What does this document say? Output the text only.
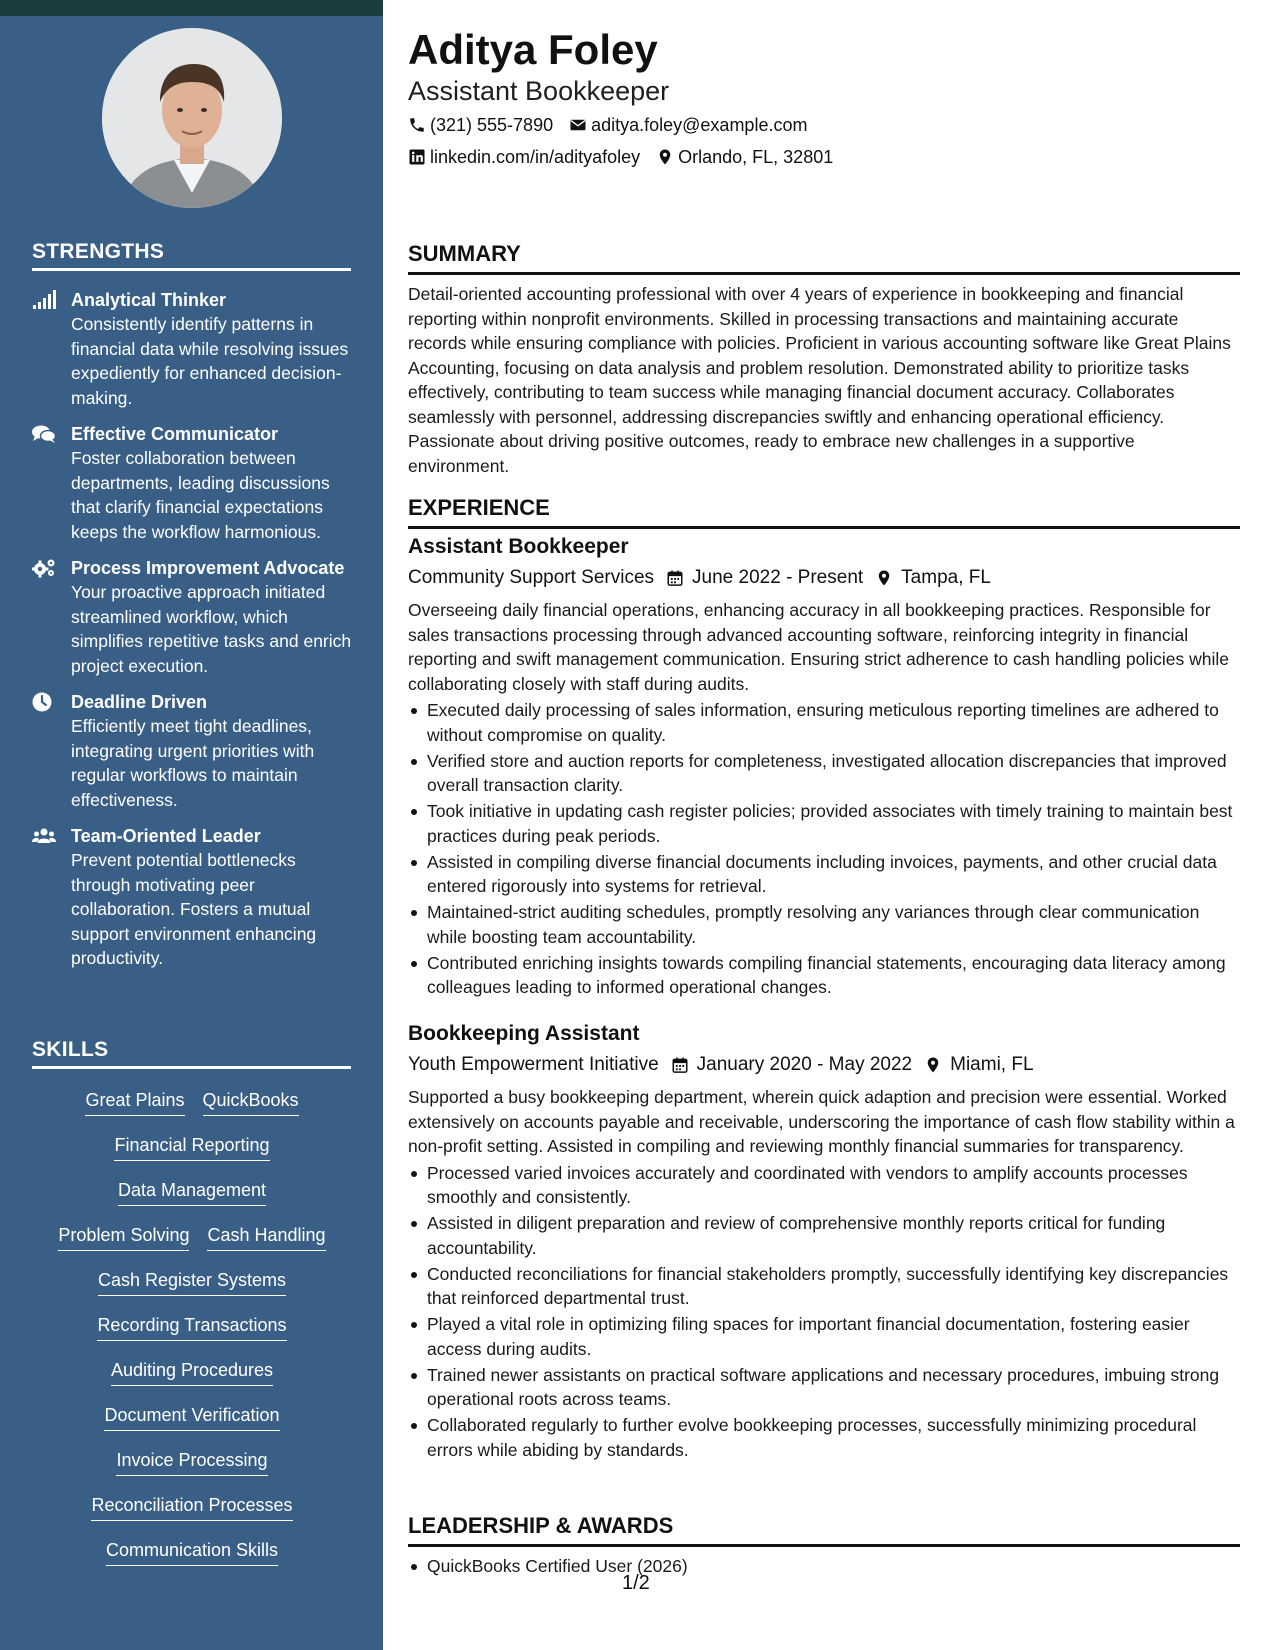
STRENGTHS
Analytical Thinker
Consistently identify patterns in financial data while resolving issues expediently for enhanced decision-making.
Effective Communicator
Foster collaboration between departments, leading discussions that clarify financial expectations keeps the workflow harmonious.
Process Improvement Advocate
Your proactive approach initiated streamlined workflow, which simplifies repetitive tasks and enrich project execution.
Deadline Driven
Efficiently meet tight deadlines, integrating urgent priorities with regular workflows to maintain effectiveness.
Team-Oriented Leader
Prevent potential bottlenecks through motivating peer collaboration. Fosters a mutual support environment enhancing productivity.
SKILLS
Great Plains QuickBooks
Financial Reporting
Data Management
Problem Solving Cash Handling
Cash Register Systems
Recording Transactions
Auditing Procedures
Document Verification
Invoice Processing
Reconciliation Processes
Communication Skills
Aditya Foley
Assistant Bookkeeper
(321) 555-7890 aditya.foley@example.com
linkedin.com/in/adityafoley Orlando, FL, 32801
SUMMARY
Detail-oriented accounting professional with over 4 years of experience in bookkeeping and financial reporting within nonprofit environments. Skilled in processing transactions and maintaining accurate records while ensuring compliance with policies. Proficient in various accounting software like Great Plains Accounting, focusing on data analysis and problem resolution. Demonstrated ability to prioritize tasks effectively, contributing to team success while managing financial document accuracy. Collaborates seamlessly with personnel, addressing discrepancies swiftly and enhancing operational efficiency. Passionate about driving positive outcomes, ready to embrace new challenges in a supportive environment.
EXPERIENCE
Assistant Bookkeeper
Community Support Services June 2022 - Present Tampa, FL
Overseeing daily financial operations, enhancing accuracy in all bookkeeping practices. Responsible for sales transactions processing through advanced accounting software, reinforcing integrity in financial reporting and swift management communication. Ensuring strict adherence to cash handling policies while collaborating closely with staff during audits.
Executed daily processing of sales information, ensuring meticulous reporting timelines are adhered to without compromise on quality.
Verified store and auction reports for completeness, investigated allocation discrepancies that improved overall transaction clarity.
Took initiative in updating cash register policies; provided associates with timely training to maintain best practices during peak periods.
Assisted in compiling diverse financial documents including invoices, payments, and other crucial data entered rigorously into systems for retrieval.
Maintained-strict auditing schedules, promptly resolving any variances through clear communication while boosting team accountability.
Contributed enriching insights towards compiling financial statements, encouraging data literacy among colleagues leading to informed operational changes.
Bookkeeping Assistant
Youth Empowerment Initiative January 2020 - May 2022 Miami, FL
Supported a busy bookkeeping department, wherein quick adaption and precision were essential. Worked extensively on accounts payable and receivable, underscoring the importance of cash flow stability within a non-profit setting. Assisted in compiling and reviewing monthly financial summaries for transparency.
Processed varied invoices accurately and coordinated with vendors to amplify accounts processes smoothly and consistently.
Assisted in diligent preparation and review of comprehensive monthly reports critical for funding accountability.
Conducted reconciliations for financial stakeholders promptly, successfully identifying key discrepancies that reinforced departmental trust.
Played a vital role in optimizing filing spaces for important financial documentation, fostering easier access during audits.
Trained newer assistants on practical software applications and necessary procedures, imbuing strong operational roots across teams.
Collaborated regularly to further evolve bookkeeping processes, successfully minimizing procedural errors while abiding by standards.
LEADERSHIP & AWARDS
QuickBooks Certified User (2026)
1/2
